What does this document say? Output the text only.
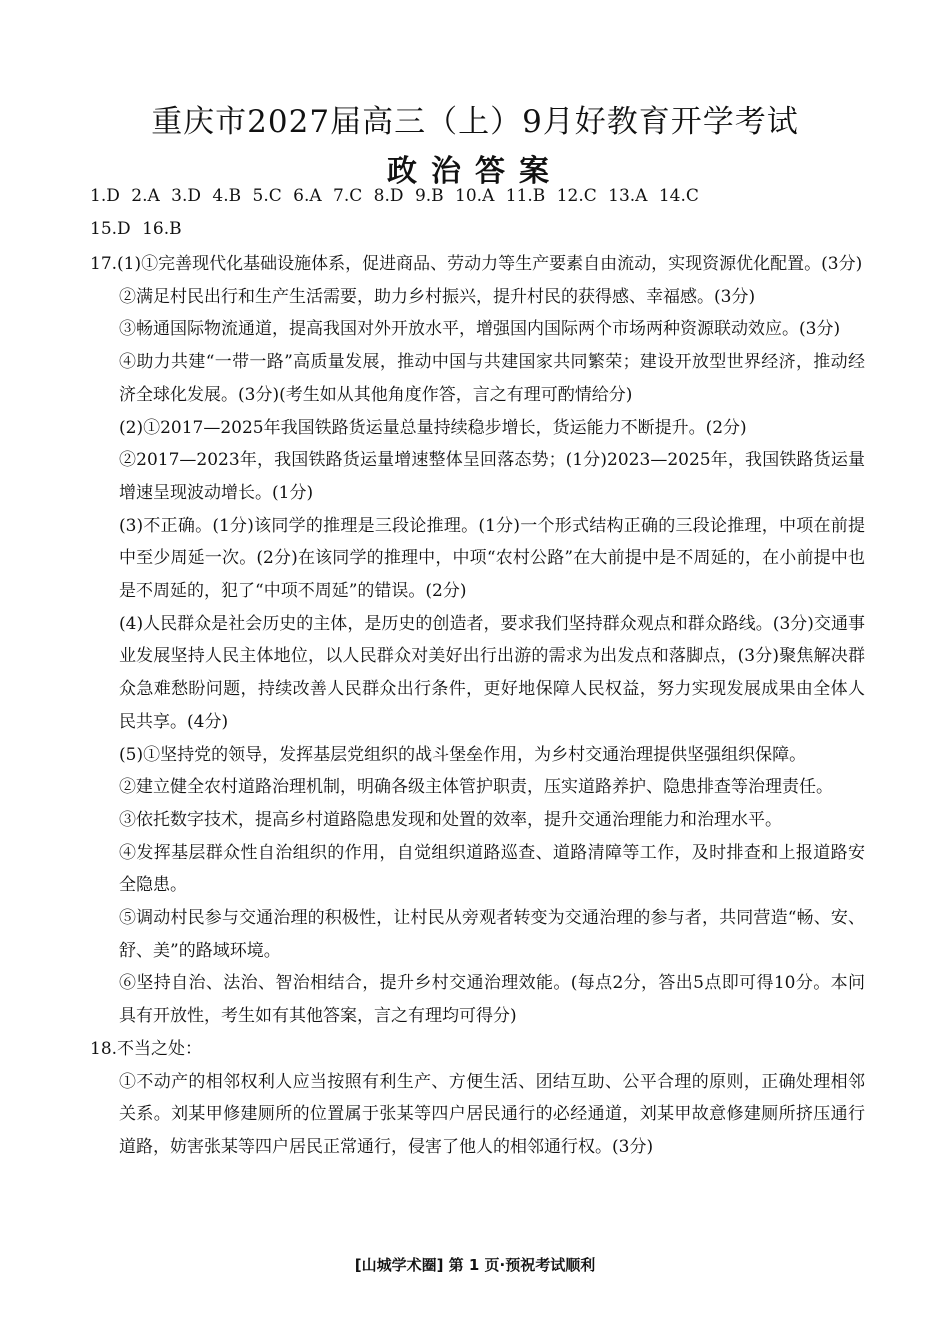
重庆市2027届高三（上）9月好教育开学考试
政治答案
1.D 2.A 3.D 4.B 5.C 6.A 7.C 8.D 9.B 10.A 11.B 12.C 13.A 14.C
15.D 16.B

17.(1)①完善现代化基础设施体系，促进商品、劳动力等生产要素自由流动，实现资源优化配置。(3分)

②满足村民出行和生产生活需要，助力乡村振兴，提升村民的获得感、幸福感。(3分)

③畅通国际物流通道，提高我国对外开放水平，增强国内国际两个市场两种资源联动效应。(3分)

④助力共建“一带一路”高质量发展，推动中国与共建国家共同繁荣；建设开放型世界经济，推动经济全球化发展。(3分)(考生如从其他角度作答，言之有理可酌情给分)

(2)①2017—2025年我国铁路货运量总量持续稳步增长，货运能力不断提升。(2分)

②2017—2023年，我国铁路货运量增速整体呈回落态势；(1分)2023—2025年，我国铁路货运量增速呈现波动增长。(1分)

(3)不正确。(1分)该同学的推理是三段论推理。(1分)一个形式结构正确的三段论推理，中项在前提中至少周延一次。(2分)在该同学的推理中，中项“农村公路”在大前提中是不周延的，在小前提中也是不周延的，犯了“中项不周延”的错误。(2分)

(4)人民群众是社会历史的主体，是历史的创造者，要求我们坚持群众观点和群众路线。(3分)交通事业发展坚持人民主体地位，以人民群众对美好出行出游的需求为出发点和落脚点，(3分)聚焦解决群众急难愁盼问题，持续改善人民群众出行条件，更好地保障人民权益，努力实现发展成果由全体人民共享。(4分)

(5)①坚持党的领导，发挥基层党组织的战斗堡垒作用，为乡村交通治理提供坚强组织保障。

②建立健全农村道路治理机制，明确各级主体管护职责，压实道路养护、隐患排查等治理责任。

③依托数字技术，提高乡村道路隐患发现和处置的效率，提升交通治理能力和治理水平。

④发挥基层群众性自治组织的作用，自觉组织道路巡查、道路清障等工作，及时排查和上报道路安全隐患。

⑤调动村民参与交通治理的积极性，让村民从旁观者转变为交通治理的参与者，共同营造“畅、安、舒、美”的路域环境。

⑥坚持自治、法治、智治相结合，提升乡村交通治理效能。(每点2分，答出5点即可得10分。本问具有开放性，考生如有其他答案，言之有理均可得分)

18.不当之处：

①不动产的相邻权利人应当按照有利生产、方便生活、团结互助、公平合理的原则，正确处理相邻关系。刘某甲修建厕所的位置属于张某等四户居民通行的必经通道，刘某甲故意修建厕所挤压通行道路，妨害张某等四户居民正常通行，侵害了他人的相邻通行权。(3分)

[山城学术圈] 第 1 页·预祝考试顺利
